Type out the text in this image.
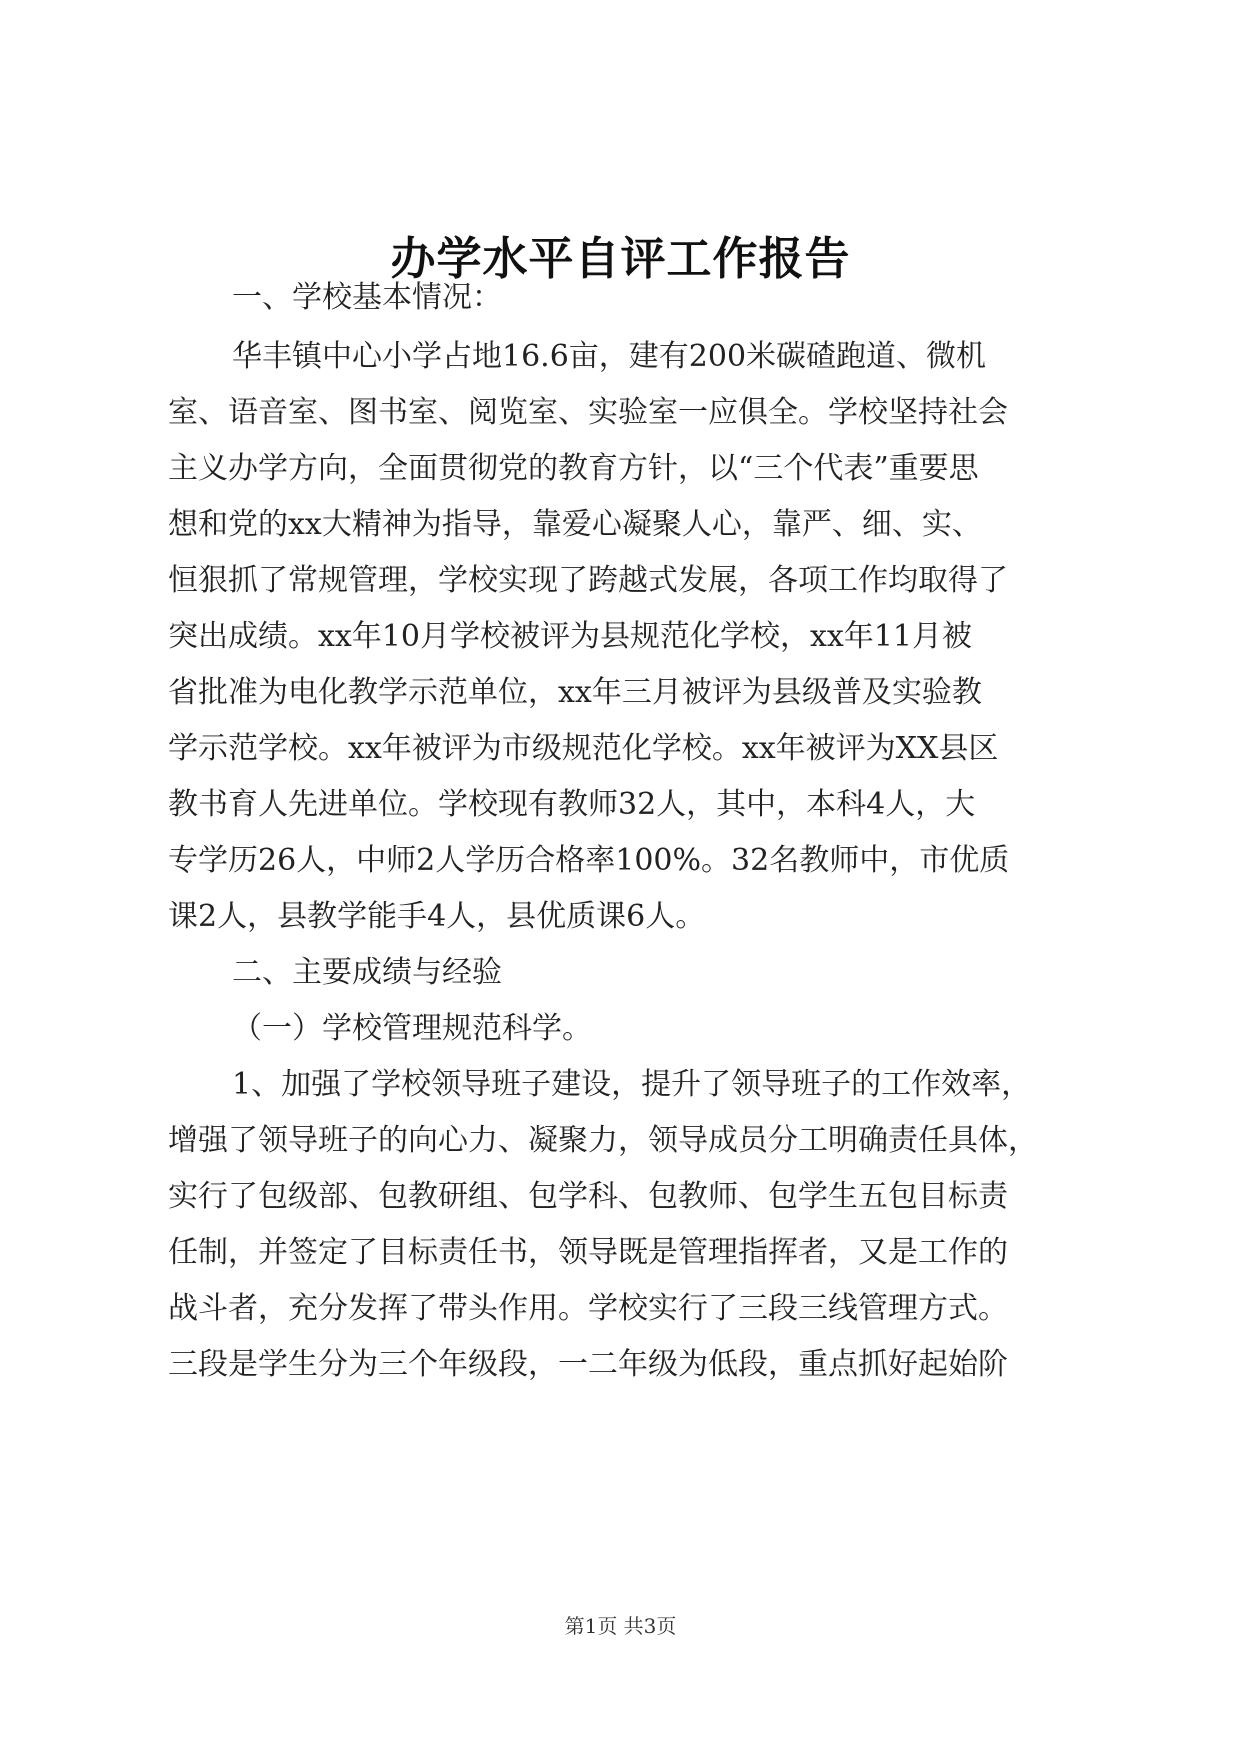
办学水平自评工作报告
一、学校基本情况：
华丰镇中心小学占地16.6亩，建有200米碳碴跑道、微机
室、语音室、图书室、阅览室、实验室一应俱全。学校坚持社会
主义办学方向，全面贯彻党的教育方针，以“三个代表”重要思
想和党的xx大精神为指导，靠爱心凝聚人心，靠严、细、实、
恒狠抓了常规管理，学校实现了跨越式发展，各项工作均取得了
突出成绩。xx年10月学校被评为县规范化学校，xx年11月被
省批准为电化教学示范单位，xx年三月被评为县级普及实验教
学示范学校。xx年被评为市级规范化学校。xx年被评为XX县区
教书育人先进单位。学校现有教师32人，其中，本科4人，大
专学历26人，中师2人学历合格率100%。32名教师中，市优质
课2人，县教学能手4人，县优质课6人。
二、主要成绩与经验
（一）学校管理规范科学。
1、加强了学校领导班子建设，提升了领导班子的工作效率，
增强了领导班子的向心力、凝聚力，领导成员分工明确责任具体，
实行了包级部、包教研组、包学科、包教师、包学生五包目标责
任制，并签定了目标责任书，领导既是管理指挥者，又是工作的
战斗者，充分发挥了带头作用。学校实行了三段三线管理方式。
三段是学生分为三个年级段，一二年级为低段，重点抓好起始阶
第1页 共3页
